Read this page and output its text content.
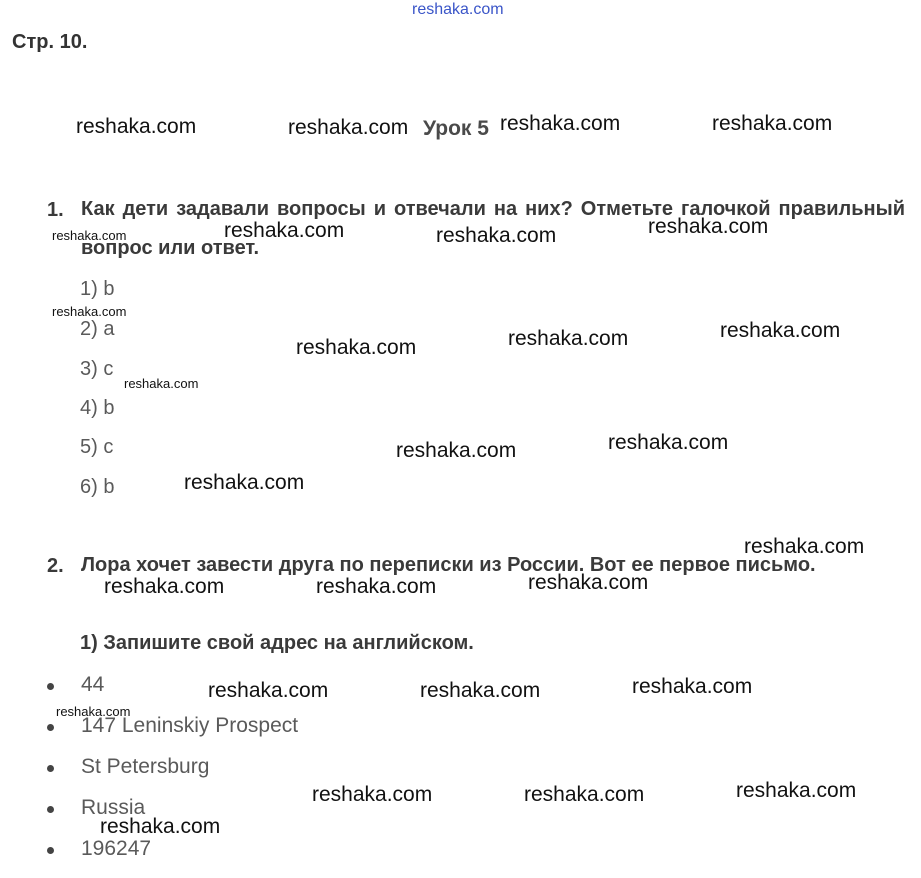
reshaka.com
Стр. 10.
Урок 5
1. Как дети задавали вопросы и отвечали на них? Отметьте галочкой правильный вопрос или ответ.
1) b
2) a
3) c
4) b
5) c
6) b
2. Лора хочет завести друга по переписки из России. Вот ее первое письмо.
1) Запишите свой адрес на английском.
44
147 Leninskiy Prospect
St Petersburg
Russia
196247
reshaka.com	reshaka.com	reshaka.com	reshaka.com
reshaka.com	reshaka.com	reshaka.com	reshaka.com
reshaka.com
reshaka.com	reshaka.com	reshaka.com
reshaka.com
reshaka.com	reshaka.com
reshaka.com
reshaka.com
reshaka.com	reshaka.com	reshaka.com
reshaka.com	reshaka.com	reshaka.com
reshaka.com
reshaka.com	reshaka.com	reshaka.com
reshaka.com
